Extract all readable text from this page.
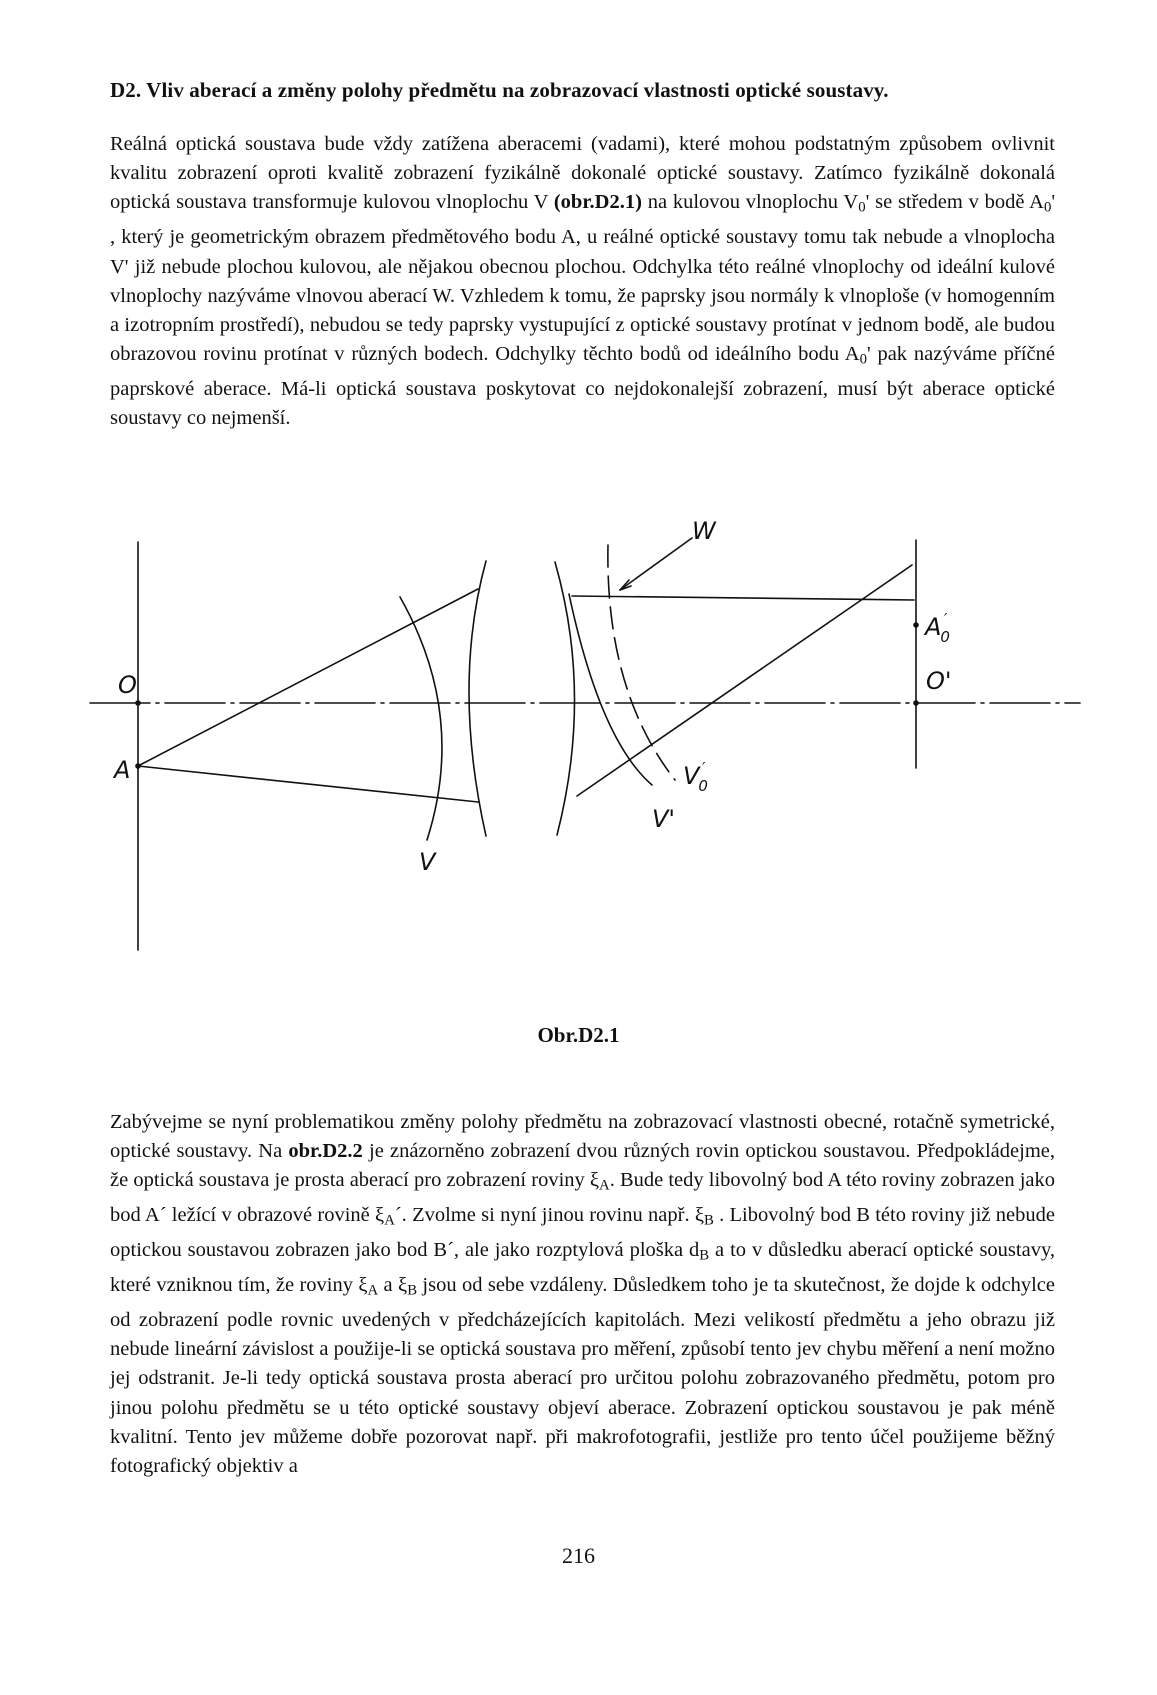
D2. Vliv aberací a změny polohy předmětu na zobrazovací vlastnosti optické soustavy.

Reálná optická soustava bude vždy zatížena aberacemi (vadami), které mohou podstatným způsobem ovlivnit kvalitu zobrazení oproti kvalitě zobrazení fyzikálně dokonalé optické soustavy. Zatímco fyzikálně dokonalá optická soustava transformuje kulovou vlnoplochu V (obr.D2.1) na kulovou vlnoplochu $V_0'$ se středem v bodě $A_0'$ , který je geometrickým obrazem předmětového bodu A, u reálné optické soustavy tomu tak nebude a vlnoplocha V' již nebude plochou kulovou, ale nějakou obecnou plochou. Odchylka této reálné vlnoplochy od ideální kulové vlnoplochy nazýváme vlnovou aberací W. Vzhledem k tomu, že paprsky jsou normály k vlnoploše (v homogenním a izotropním prostředí), nebudou se tedy paprsky vystupující z optické soustavy protínat v jednom bodě, ale budou obrazovou rovinu protínat v různých bodech. Odchylky těchto bodů od ideálního bodu $A_0'$ pak nazýváme příčné paprskové aberace. Má-li optická soustava poskytovat co nejdokonalejší zobrazení, musí být aberace optické soustavy co nejmenší.

O
A
V
W
A0′
O'
V0′
V'
Obr.D2.1

Zabývejme se nyní problematikou změny polohy předmětu na zobrazovací vlastnosti obecné, rotačně symetrické, optické soustavy. Na obr.D2.2 je znázorněno zobrazení dvou různých rovin optickou soustavou. Předpokládejme, že optická soustava je prosta aberací pro zobrazení roviny $\xi_A$. Bude tedy libovolný bod A této roviny zobrazen jako bod A´ ležící v obrazové rovině $\xi_A´$. Zvolme si nyní jinou rovinu např. $\xi_B$ . Libovolný bod B této roviny již nebude optickou soustavou zobrazen jako bod B´, ale jako rozptylová ploška $d_B$ a to v důsledku aberací optické soustavy, které vzniknou tím, že roviny $\xi_A$ a $\xi_B$ jsou od sebe vzdáleny. Důsledkem toho je ta skutečnost, že dojde k odchylce od zobrazení podle rovnic uvedených v předcházejících kapitolách. Mezi velikostí předmětu a jeho obrazu již nebude lineární závislost a použije-li se optická soustava pro měření, způsobí tento jev chybu měření a není možno jej odstranit. Je-li tedy optická soustava prosta aberací pro určitou polohu zobrazovaného předmětu, potom pro jinou polohu předmětu se u této optické soustavy objeví aberace. Zobrazení optickou soustavou je pak méně kvalitní. Tento jev můžeme dobře pozorovat např. při makrofotografii, jestliže pro tento účel použijeme běžný fotografický objektiv a

216
